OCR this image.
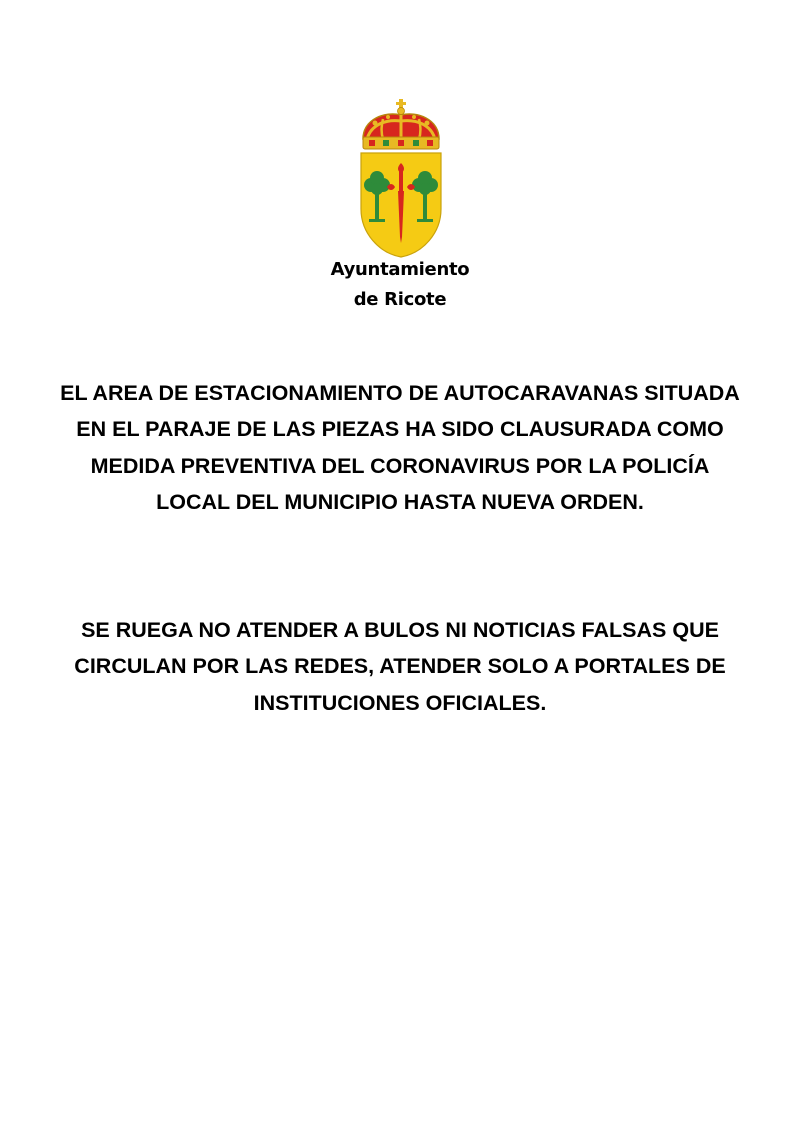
Ayuntamiento
de Ricote

EL AREA DE ESTACIONAMIENTO DE AUTOCARAVANAS SITUADA EN EL PARAJE DE LAS PIEZAS HA SIDO CLAUSURADA COMO MEDIDA PREVENTIVA DEL CORONAVIRUS POR LA POLICÍA LOCAL DEL MUNICIPIO HASTA NUEVA ORDEN.

SE RUEGA NO ATENDER A BULOS NI NOTICIAS FALSAS QUE CIRCULAN POR LAS REDES, ATENDER SOLO A PORTALES DE INSTITUCIONES OFICIALES.
